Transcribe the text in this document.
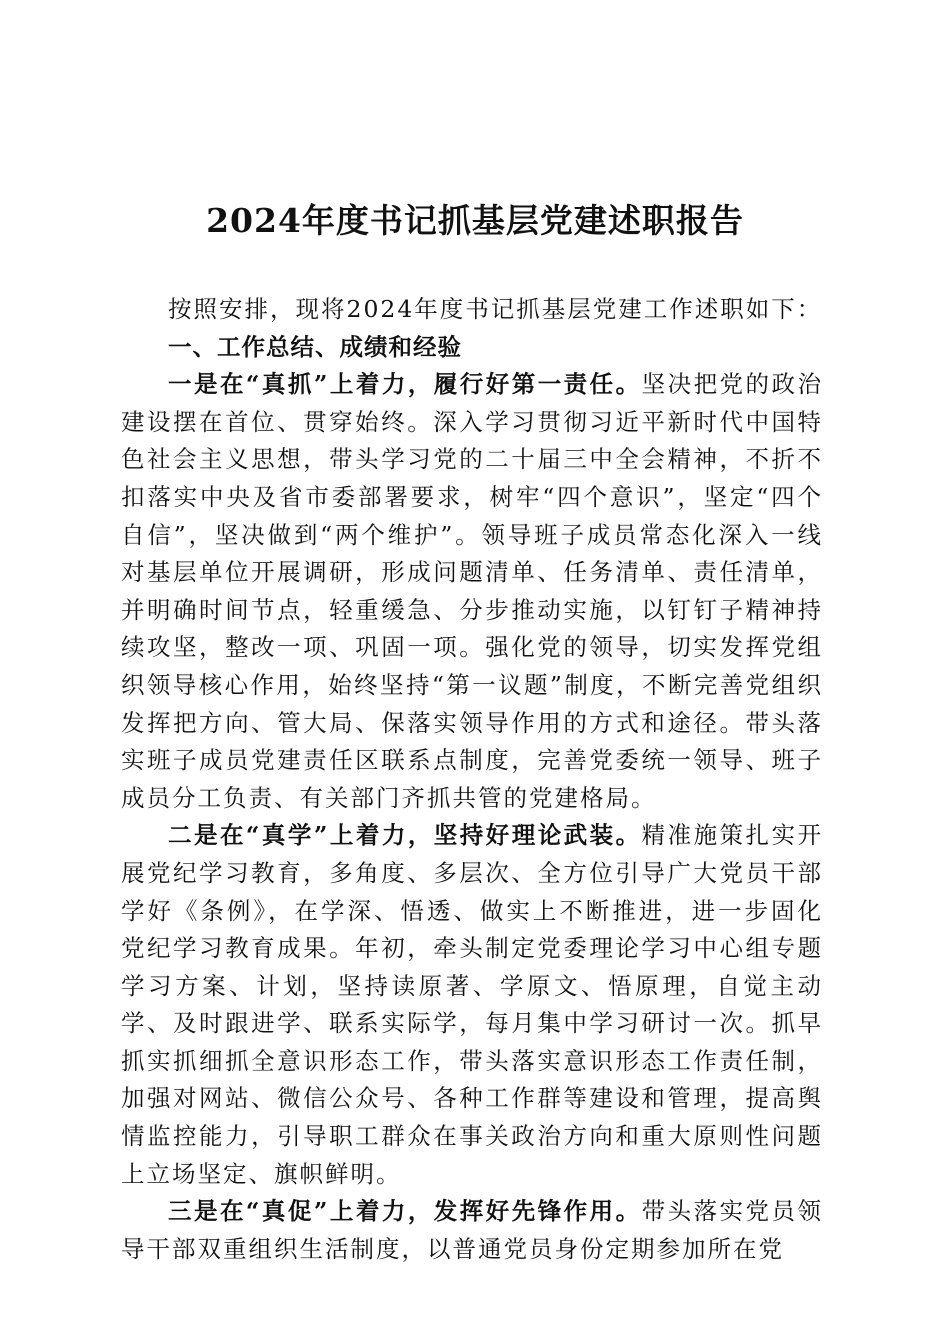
2024年度书记抓基层党建述职报告

按照安排，现将2024年度书记抓基层党建工作述职如下：

一、工作总结、成绩和经验

一是在“真抓”上着力，履行好第一责任。坚决把党的政治建设摆在首位、贯穿始终。深入学习贯彻习近平新时代中国特色社会主义思想，带头学习党的二十届三中全会精神，不折不扣落实中央及省市委部署要求，树牢“四个意识”，坚定“四个自信”，坚决做到“两个维护”。领导班子成员常态化深入一线对基层单位开展调研，形成问题清单、任务清单、责任清单，并明确时间节点，轻重缓急、分步推动实施，以钉钉子精神持续攻坚，整改一项、巩固一项。强化党的领导，切实发挥党组织领导核心作用，始终坚持“第一议题”制度，不断完善党组织发挥把方向、管大局、保落实领导作用的方式和途径。带头落实班子成员党建责任区联系点制度，完善党委统一领导、班子成员分工负责、有关部门齐抓共管的党建格局。

二是在“真学”上着力，坚持好理论武装。精准施策扎实开展党纪学习教育，多角度、多层次、全方位引导广大党员干部学好《条例》，在学深、悟透、做实上不断推进，进一步固化党纪学习教育成果。年初，牵头制定党委理论学习中心组专题学习方案、计划，坚持读原著、学原文、悟原理，自觉主动学、及时跟进学、联系实际学，每月集中学习研讨一次。抓早抓实抓细抓全意识形态工作，带头落实意识形态工作责任制，加强对网站、微信公众号、各种工作群等建设和管理，提高舆情监控能力，引导职工群众在事关政治方向和重大原则性问题上立场坚定、旗帜鲜明。

三是在“真促”上着力，发挥好先锋作用。带头落实党员领导干部双重组织生活制度，以普通党员身份定期参加所在党
